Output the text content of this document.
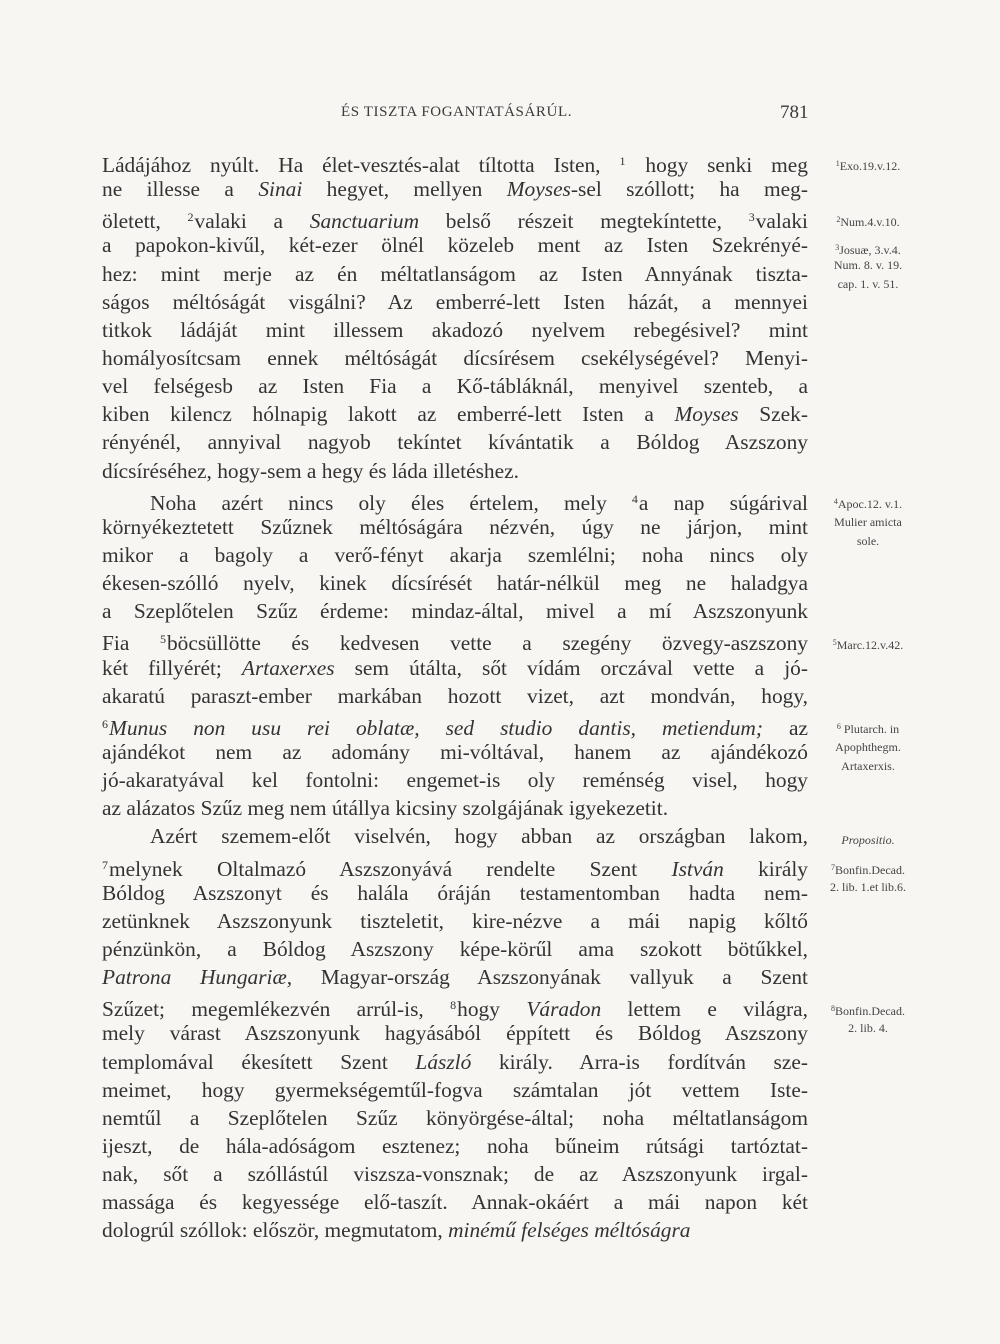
ÉS TISZTA FOGANTATÁSÁRÚL.	781
Ládájához nyúlt. Ha élet-vesztés-alat tíltotta Isten, $^1$ hogy senki meg
ne illesse a Sinai hegyet, mellyen Moyses-sel szóllott; ha meg-
öletett, $^2$valaki a Sanctuarium belső részeit megtekíntette, $^3$valaki
a papokon-kivűl, két-ezer ölnél közeleb ment az Isten Szekrényé-
hez: mint merje az én méltatlanságom az Isten Annyának tiszta-
ságos méltóságát visgálni? Az emberré-lett Isten házát, a mennyei
titkok ládáját mint illessem akadozó nyelvem rebegésivel? mint
homályosítcsam ennek méltóságát dícsírésem csekélységével? Menyi-
vel felségesb az Isten Fia a Kő-tábláknál, menyivel szenteb, a
kiben kilencz hólnapig lakott az emberré-lett Isten a Moyses Szek-
rényénél, annyival nagyob tekíntet kívántatik a Bóldog Aszszony
dícsíréséhez, hogy-sem a hegy és láda illetéshez.
Noha azért nincs oly éles értelem, mely $^4$a nap súgárival
környékeztetett Szűznek méltóságára nézvén, úgy ne járjon, mint
mikor a bagoly a verő-fényt akarja szemlélni; noha nincs oly
ékesen-szólló nyelv, kinek dícsírését határ-nélkül meg ne haladgya
a Szeplőtelen Szűz érdeme: mindaz-által, mivel a mí Aszszonyunk
Fia $^5$böcsüllötte és kedvesen vette a szegény özvegy-aszszony
két fillyérét; Artaxerxes sem útálta, sőt vídám orczával vette a jó-
akaratú paraszt-ember markában hozott vizet, azt mondván, hogy,
$^6$Munus non usu rei oblatæ, sed studio dantis, metiendum; az
ajándékot nem az adomány mi-vóltával, hanem az ajándékozó
jó-akaratyával kel fontolni: engemet-is oly reménség visel, hogy
az alázatos Szűz meg nem útállya kicsiny szolgájának igyekezetit.
Azért szemem-előt viselvén, hogy abban az országban lakom,
$^7$melynek Oltalmazó Aszszonyává rendelte Szent István király
Bóldog Aszszonyt és halála óráján testamentomban hadta nem-
zetünknek Aszszonyunk tiszteletit, kire-nézve a mái napig kőltő
pénzünkön, a Bóldog Aszszony képe-körűl ama szokott bötűkkel,
Patrona Hungariæ, Magyar-ország Aszszonyának vallyuk a Szent
Szűzet; megemlékezvén arrúl-is, $^8$hogy Váradon lettem e világra,
mely várast Aszszonyunk hagyásából éppített és Bóldog Aszszony
templomával ékesített Szent László király. Arra-is fordítván sze-
meimet, hogy gyermekségemtűl-fogva számtalan jót vettem Iste-
nemtűl a Szeplőtelen Szűz könyörgése-által; noha méltatlanságom
ijeszt, de hála-adóságom esztenez; noha bűneim rútsági tartóztat-
nak, sőt a szóllástúl viszsza-vonsznak; de az Aszszonyunk irgal-
massága és kegyessége elő-taszít. Annak-okáért a mái napon két
dologrúl szóllok: először, megmutatom, minémű felséges méltóságra
$^1$Exo.19.v.12.
$^2$Num.4.v.10.
$^3$Josuæ, 3.v.4.
Num. 8. v. 19.
cap. 1. v. 51.
$^4$Apoc.12. v.1.
Mulier amicta
sole.
$^5$Marc.12.v.42.
$^6$ Plutarch. in
Apophthegm.
Artaxerxis.
Propositio.
$^7$Bonfin.Decad.
2. lib. 1.et lib.6.
$^8$Bonfin.Decad.
2. lib. 4.
